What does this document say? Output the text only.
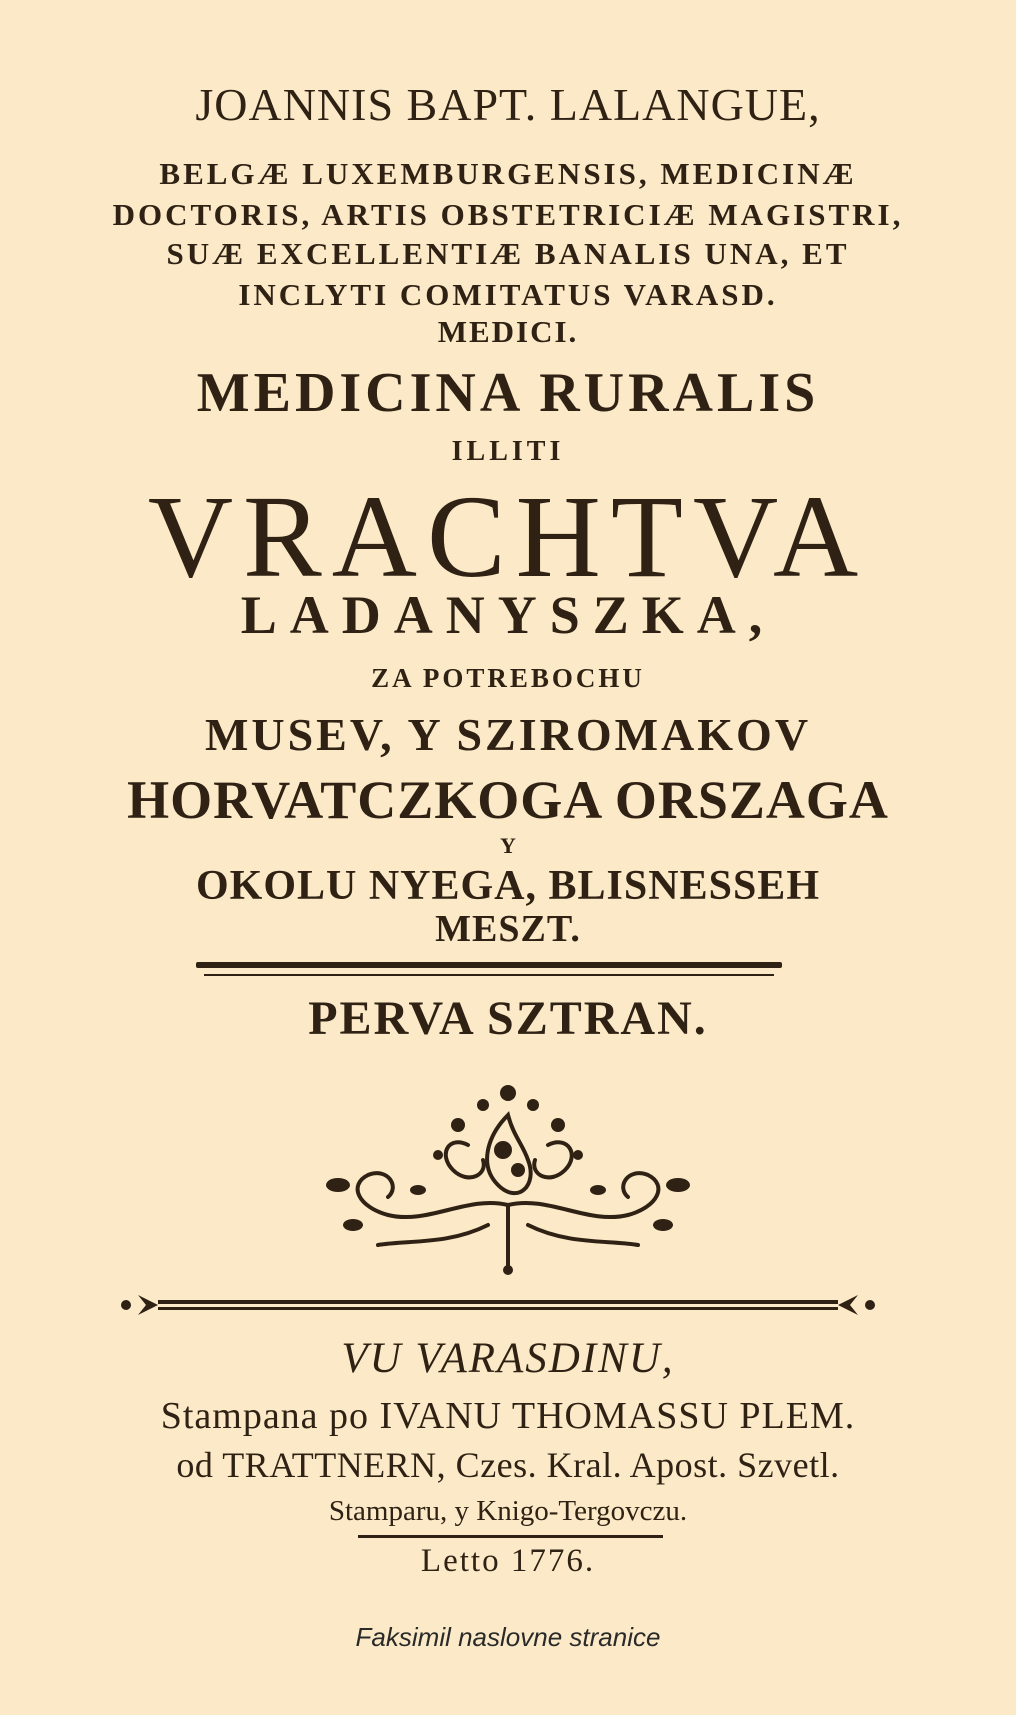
JOANNIS BAPT. LALANGUE,
BELGÆ LUXEMBURGENSIS, MEDICINÆ
DOCTORIS, ARTIS OBSTETRICIÆ MAGISTRI,
SUÆ EXCELLENTIÆ BANALIS UNA, ET
INCLYTI COMITATUS VARASD.
MEDICI.
MEDICINA RURALIS
ILLITI
VRACHTVA
LADANYSZKA,
ZA POTREBOCHU
MUSEV, Y SZIROMAKOV
HORVATCZKOGA ORSZAGA
Y
OKOLU NYEGA, BLISNESSEH
MESZT.
PERVA SZTRAN.
VU VARASDINU,
Stampana po IVANU THOMASSU PLEM.
od TRATTNERN, Czes. Kral. Apost. Szvetl.
Stamparu, y Knigo-Tergovczu.
Letto 1776.
Faksimil naslovne stranice
